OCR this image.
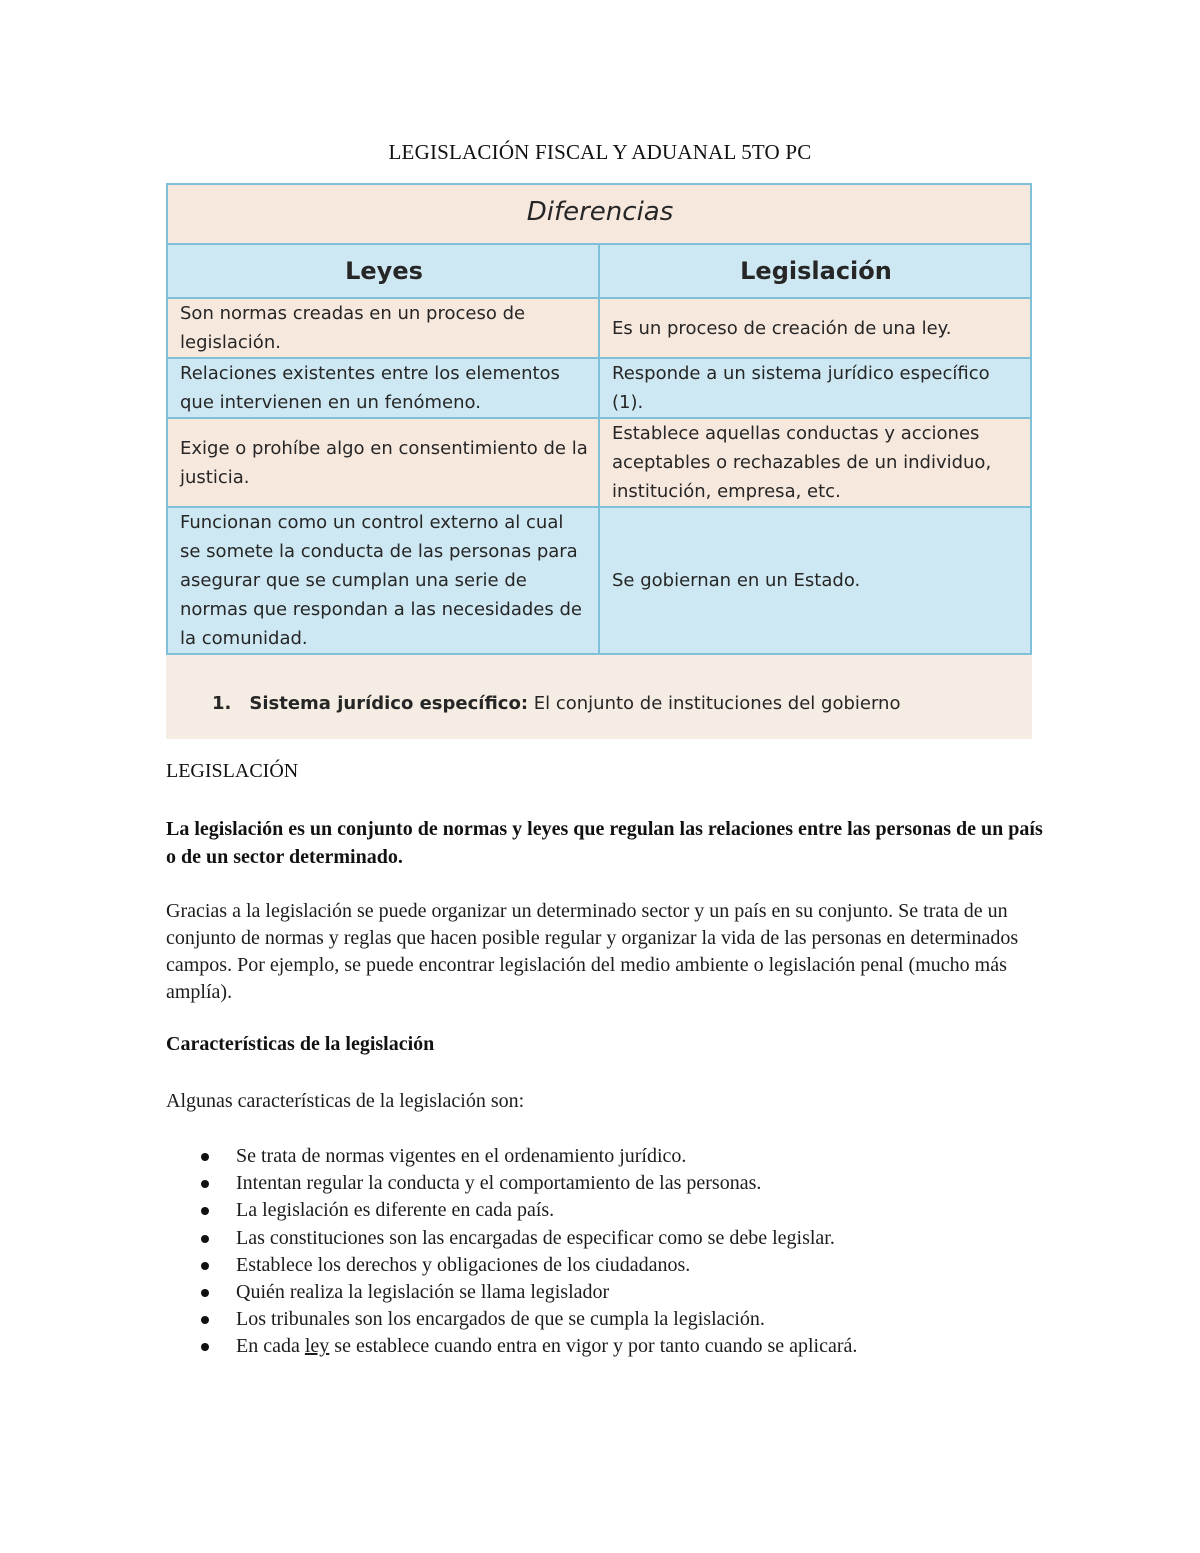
LEGISLACIÓN FISCAL Y ADUANAL 5TO PC
Diferencias	
Leyes	Legislación
Son normas creadas en un proceso de legislación.	Es un proceso de creación de una ley.
Relaciones existentes entre los elementos que intervienen en un fenómeno.	Responde a un sistema jurídico específico (1).
Exige o prohíbe algo en consentimiento de la justicia.	Establece aquellas conductas y acciones aceptables o rechazables de un individuo, institución, empresa, etc.
Funcionan como un control externo al cual se somete la conducta de las personas para asegurar que se cumplan una serie de normas que respondan a las necesidades de la comunidad.	Se gobiernan en un Estado.
1. Sistema jurídico específico: El conjunto de instituciones del gobierno
LEGISLACIÓN
La legislación es un conjunto de normas y leyes que regulan las relaciones entre las personas de un país o de un sector determinado.
Gracias a la legislación se puede organizar un determinado sector y un país en su conjunto. Se trata de un conjunto de normas y reglas que hacen posible regular y organizar la vida de las personas en determinados campos. Por ejemplo, se puede encontrar legislación del medio ambiente o legislación penal (mucho más amplía).
Características de la legislación
Algunas características de la legislación son:
Se trata de normas vigentes en el ordenamiento jurídico.
Intentan regular la conducta y el comportamiento de las personas.
La legislación es diferente en cada país.
Las constituciones son las encargadas de especificar como se debe legislar.
Establece los derechos y obligaciones de los ciudadanos.
Quién realiza la legislación se llama legislador
Los tribunales son los encargados de que se cumpla la legislación.
En cada ley se establece cuando entra en vigor y por tanto cuando se aplicará.
